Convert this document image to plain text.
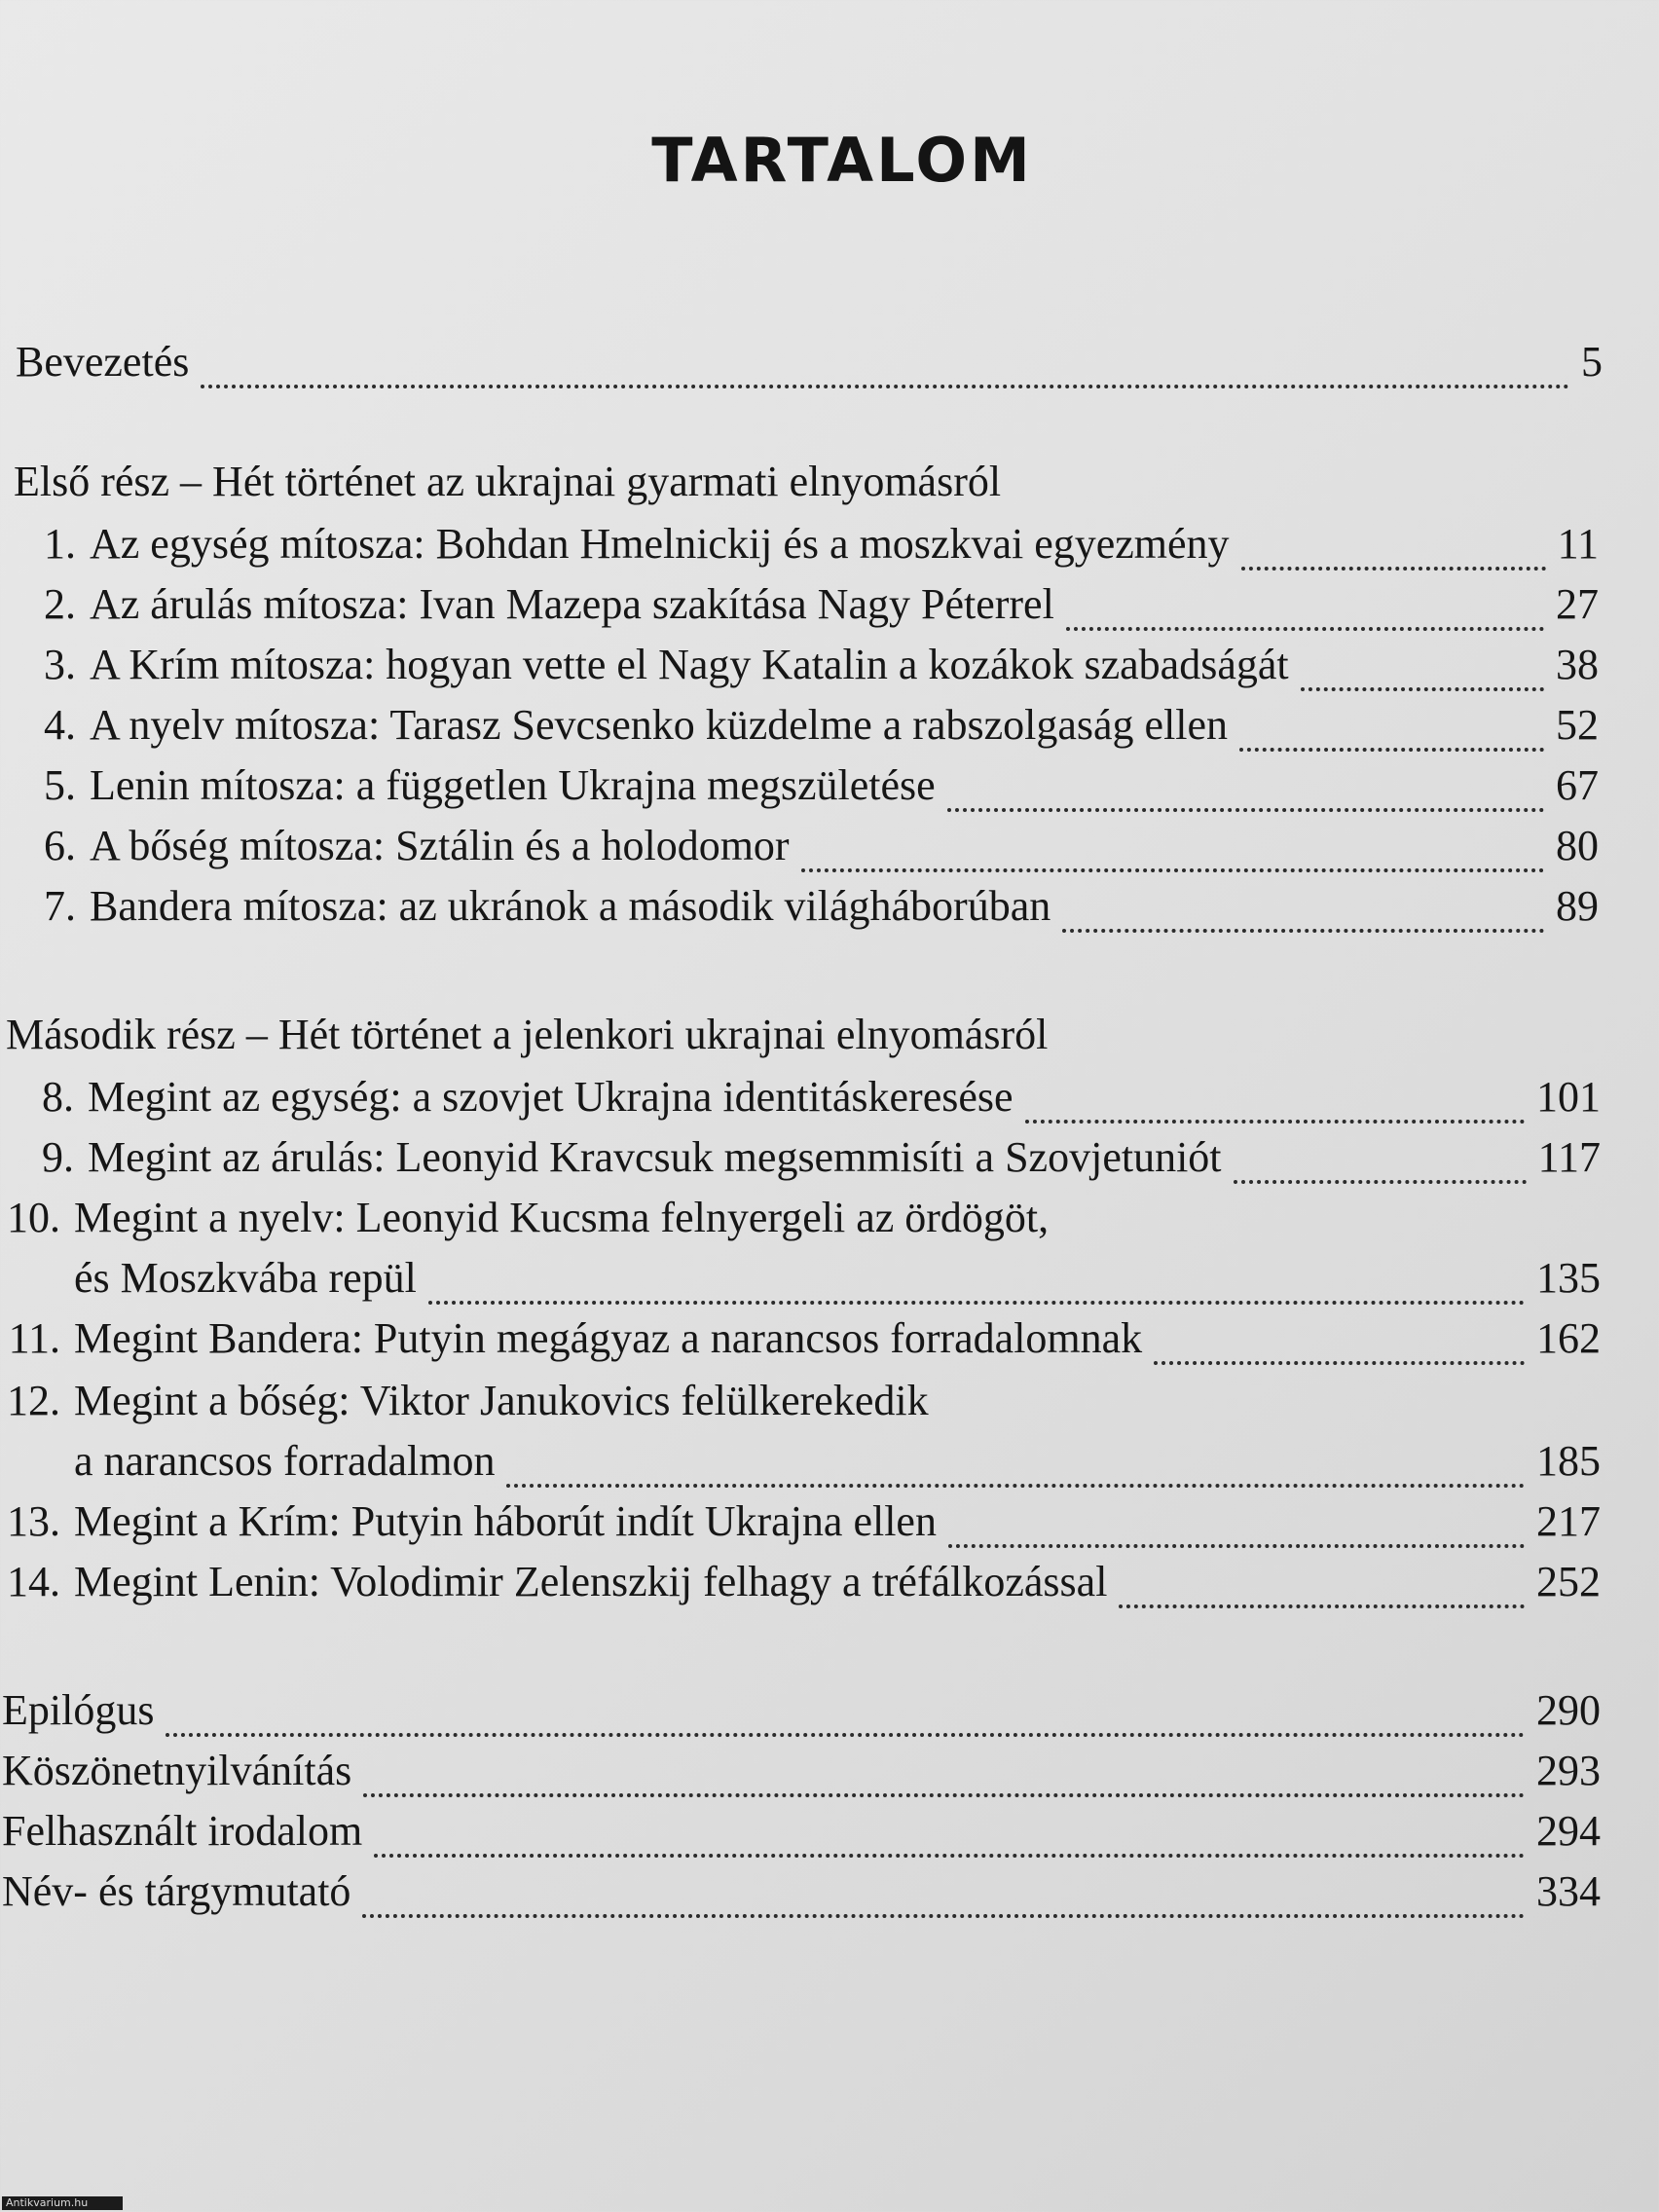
TARTALOM
Bevezetés	5
Első rész – Hét történet az ukrajnai gyarmati elnyomásról
1. Az egység mítosza: Bohdan Hmelnickij és a moszkvai egyezmény	11
2. Az árulás mítosza: Ivan Mazepa szakítása Nagy Péterrel	27
3. A Krím mítosza: hogyan vette el Nagy Katalin a kozákok szabadságát	38
4. A nyelv mítosza: Tarasz Sevcsenko küzdelme a rabszolgaság ellen	52
5. Lenin mítosza: a független Ukrajna megszületése	67
6. A bőség mítosza: Sztálin és a holodomor	80
7. Bandera mítosza: az ukránok a második világháborúban	89
Második rész – Hét történet a jelenkori ukrajnai elnyomásról
8. Megint az egység: a szovjet Ukrajna identitáskeresése	101
9. Megint az árulás: Leonyid Kravcsuk megsemmisíti a Szovjetuniót	117
10. Megint a nyelv: Leonyid Kucsma felnyergeli az ördögöt,
és Moszkvába repül	135
11. Megint Bandera: Putyin megágyaz a narancsos forradalomnak	162
12. Megint a bőség: Viktor Janukovics felülkerekedik
a narancsos forradalmon	185
13. Megint a Krím: Putyin háborút indít Ukrajna ellen	217
14. Megint Lenin: Volodimir Zelenszkij felhagy a tréfálkozással	252
Epilógus	290
Köszönetnyilvánítás	293
Felhasznált irodalom	294
Név- és tárgymutató	334
Antikvarium.hu
